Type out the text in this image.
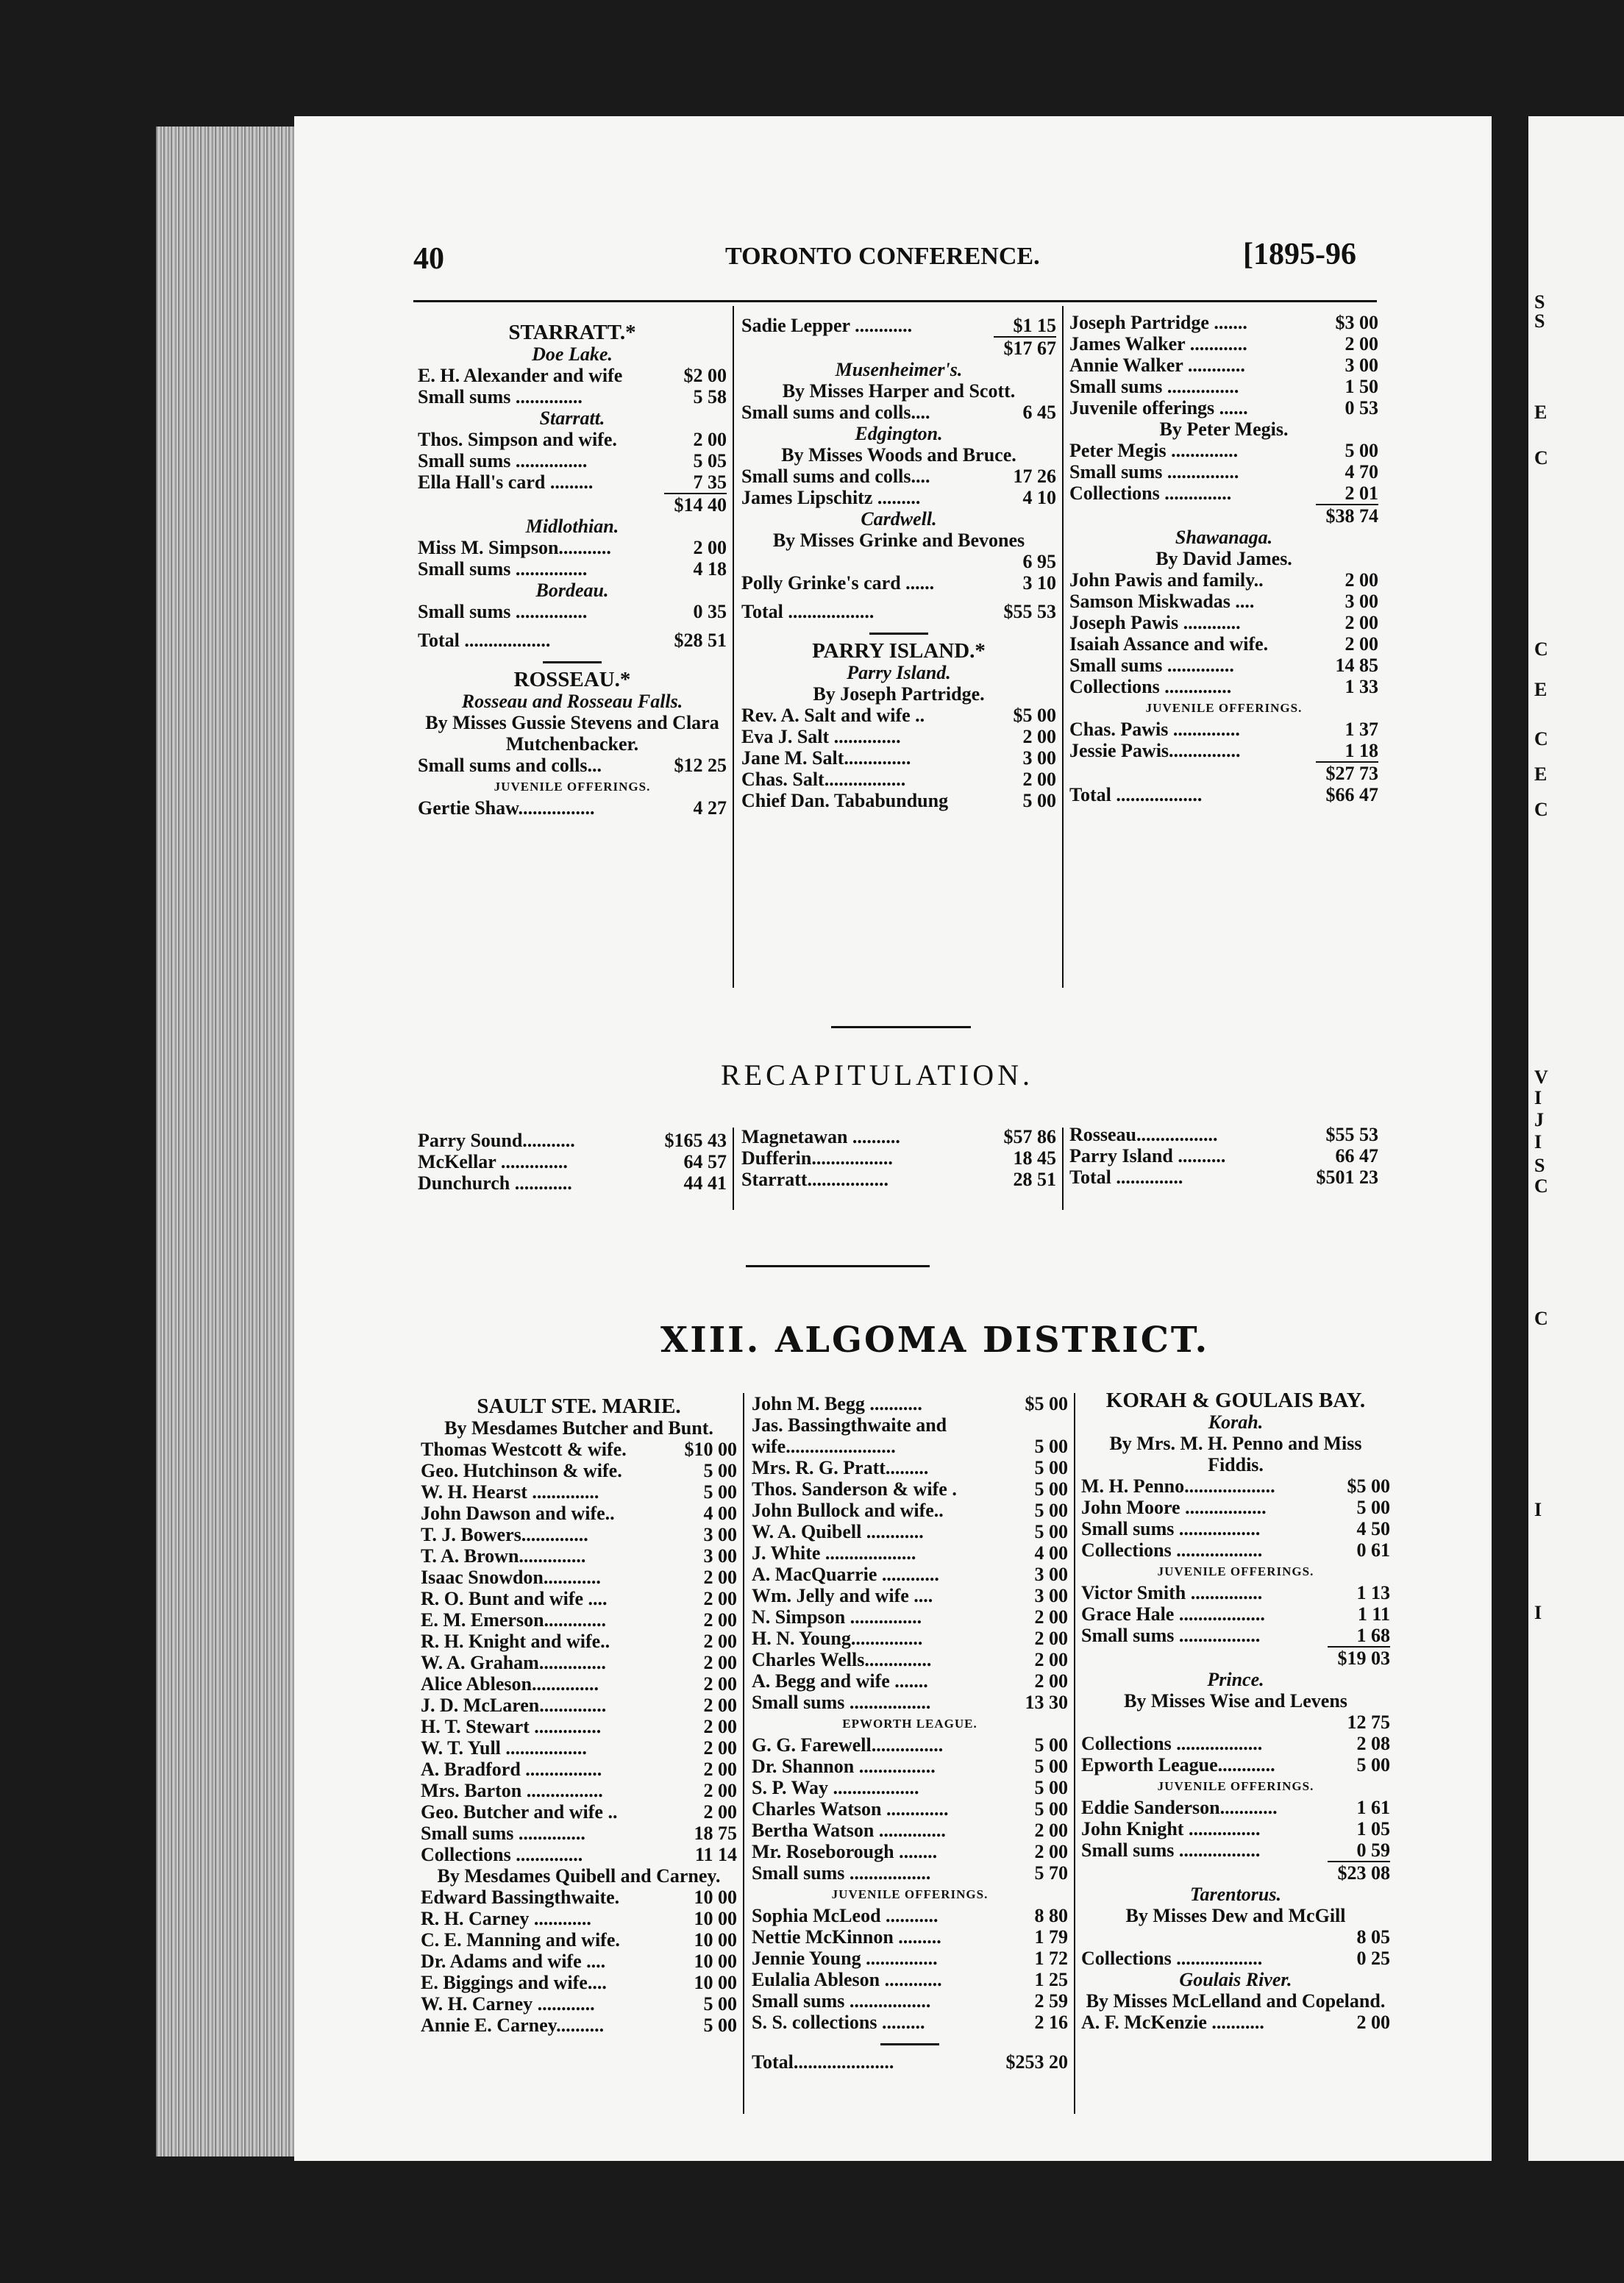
S
S
E
C
C
E
C
E
C
V
I
J
I
S
C
C
I
I
40	TORONTO CONFERENCE.	[1895-96
STARRATT.*
Doe Lake.
E. H. Alexander and wife	$2 00
Small sums ..............	5 58
Starratt.
Thos. Simpson and wife.	2 00
Small sums ...............	5 05
Ella Hall's card .........	7 35
$14 40
Midlothian.
Miss M. Simpson...........	2 00
Small sums ...............	4 18
Bordeau.
Small sums ...............	0 35
Total ..................	$28 51
ROSSEAU.*
Rosseau and Rosseau Falls.
By Misses Gussie Stevens and Clara Mutchenbacker.
Small sums and colls...	$12 25
JUVENILE OFFERINGS.
Gertie Shaw................	4 27
Sadie Lepper ............	$1 15
$17 67
Musenheimer's.
By Misses Harper and Scott.
Small sums and colls....	6 45
Edgington.
By Misses Woods and Bruce.
Small sums and colls....	17 26
James Lipschitz .........	4 10
Cardwell.
By Misses Grinke and Bevones
6 95
Polly Grinke's card ......	3 10
Total ..................	$55 53
PARRY ISLAND.*
Parry Island.
By Joseph Partridge.
Rev. A. Salt and wife ..	$5 00
Eva J. Salt ..............	2 00
Jane M. Salt..............	3 00
Chas. Salt.................	2 00
Chief Dan. Tababundung	5 00
Joseph Partridge .......	$3 00
James Walker ............	2 00
Annie Walker ............	3 00
Small sums ...............	1 50
Juvenile offerings ......	0 53
By Peter Megis.
Peter Megis ..............	5 00
Small sums ...............	4 70
Collections ..............	2 01
$38 74
Shawanaga.
By David James.
John Pawis and family..	2 00
Samson Miskwadas ....	3 00
Joseph Pawis ............	2 00
Isaiah Assance and wife.	2 00
Small sums ..............	14 85
Collections ..............	1 33
JUVENILE OFFERINGS.
Chas. Pawis ..............	1 37
Jessie Pawis...............	1 18
$27 73
Total ..................	$66 47
RECAPITULATION.
Parry Sound...........	$165 43
McKellar ..............	64 57
Dunchurch ............	44 41
Magnetawan ..........	$57 86
Dufferin.................	18 45
Starratt.................	28 51
Rosseau.................	$55 53
Parry Island ..........	66 47
Total ..............	$501 23
XIII. ALGOMA DISTRICT.
SAULT STE. MARIE.
By Mesdames Butcher and Bunt.
Thomas Westcott & wife.	$10 00
Geo. Hutchinson & wife.	5 00
W. H. Hearst ..............	5 00
John Dawson and wife..	4 00
T. J. Bowers..............	3 00
T. A. Brown..............	3 00
Isaac Snowdon............	2 00
R. O. Bunt and wife ....	2 00
E. M. Emerson.............	2 00
R. H. Knight and wife..	2 00
W. A. Graham..............	2 00
Alice Ableson..............	2 00
J. D. McLaren..............	2 00
H. T. Stewart ..............	2 00
W. T. Yull .................	2 00
A. Bradford ................	2 00
Mrs. Barton ................	2 00
Geo. Butcher and wife ..	2 00
Small sums ..............	18 75
Collections ..............	11 14
By Mesdames Quibell and Carney.
Edward Bassingthwaite.	10 00
R. H. Carney ............	10 00
C. E. Manning and wife.	10 00
Dr. Adams and wife ....	10 00
E. Biggings and wife....	10 00
W. H. Carney ............	5 00
Annie E. Carney..........	5 00
John M. Begg ...........	$5 00
Jas. Bassingthwaite and
wife.......................	5 00
Mrs. R. G. Pratt.........	5 00
Thos. Sanderson & wife .	5 00
John Bullock and wife..	5 00
W. A. Quibell ............	5 00
J. White ...................	4 00
A. MacQuarrie ............	3 00
Wm. Jelly and wife ....	3 00
N. Simpson ...............	2 00
H. N. Young...............	2 00
Charles Wells..............	2 00
A. Begg and wife .......	2 00
Small sums .................	13 30
EPWORTH LEAGUE.
G. G. Farewell...............	5 00
Dr. Shannon ................	5 00
S. P. Way ..................	5 00
Charles Watson .............	5 00
Bertha Watson ..............	2 00
Mr. Roseborough ........	2 00
Small sums .................	5 70
JUVENILE OFFERINGS.
Sophia McLeod ...........	8 80
Nettie McKinnon .........	1 79
Jennie Young ...............	1 72
Eulalia Ableson ............	1 25
Small sums .................	2 59
S. S. collections .........	2 16
Total.....................	$253 20
KORAH & GOULAIS BAY.
Korah.
By Mrs. M. H. Penno and Miss Fiddis.
M. H. Penno...................	$5 00
John Moore .................	5 00
Small sums .................	4 50
Collections ..................	0 61
JUVENILE OFFERINGS.
Victor Smith ...............	1 13
Grace Hale ..................	1 11
Small sums .................	1 68
$19 03
Prince.
By Misses Wise and Levens
12 75
Collections ..................	2 08
Epworth League............	5 00
JUVENILE OFFERINGS.
Eddie Sanderson............	1 61
John Knight ...............	1 05
Small sums .................	0 59
$23 08
Tarentorus.
By Misses Dew and McGill
8 05
Collections ..................	0 25
Goulais River.
By Misses McLelland and Copeland.
A. F. McKenzie ...........	2 00
